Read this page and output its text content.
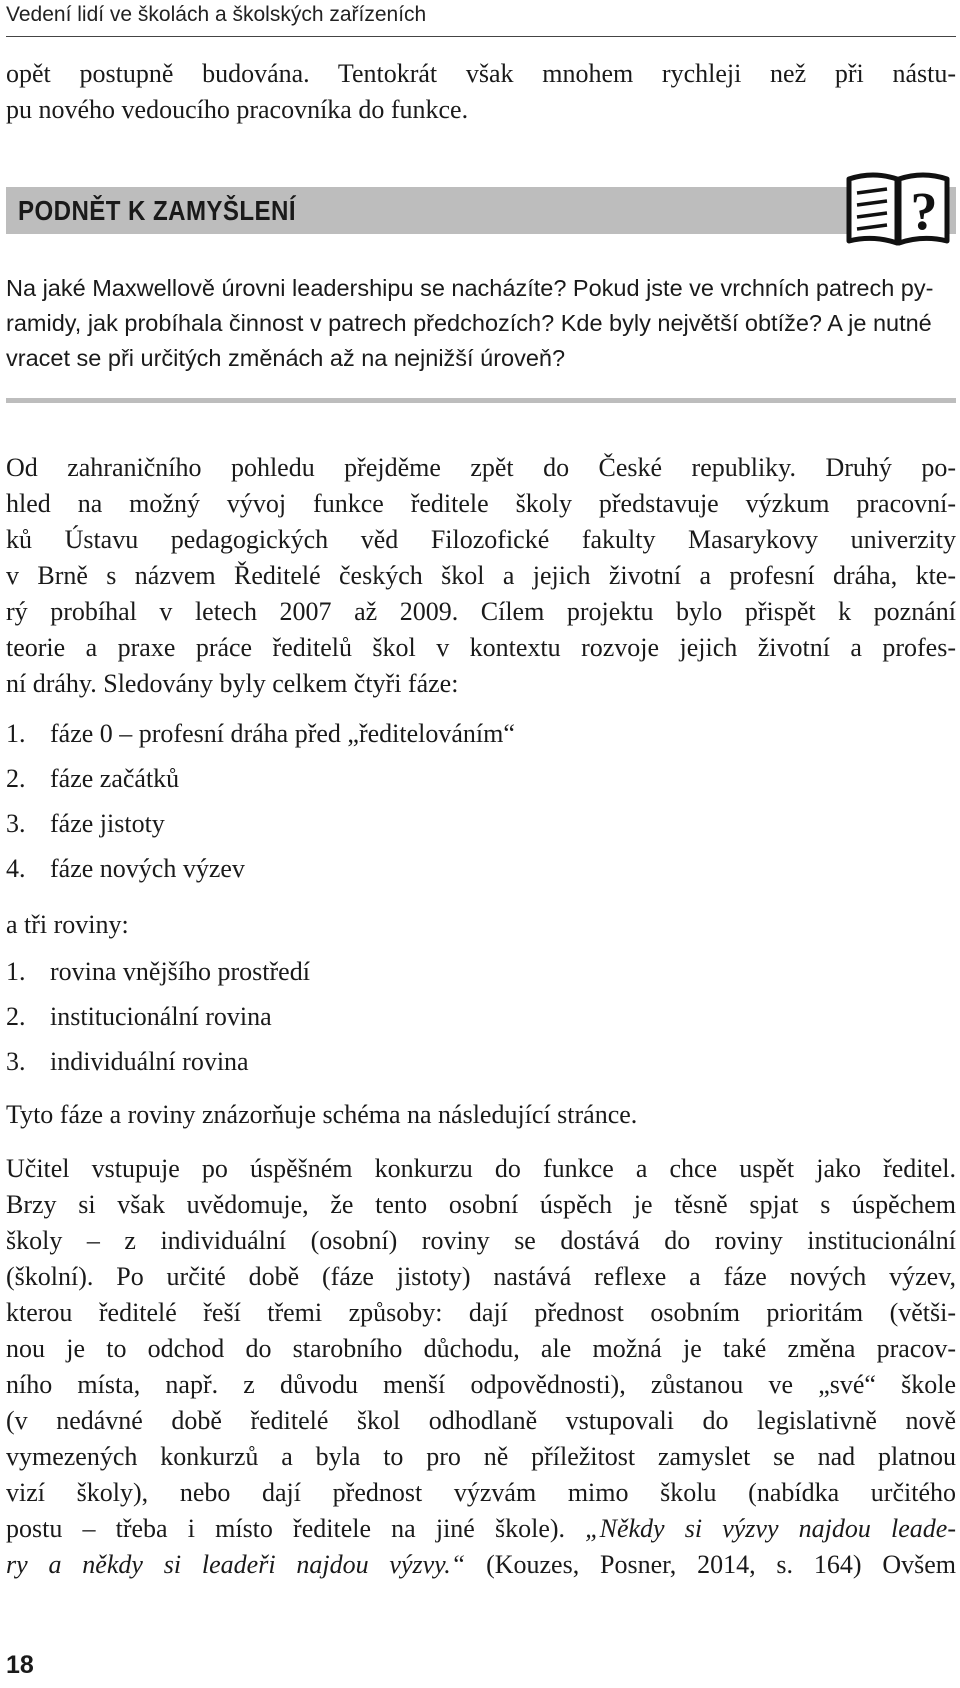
Vedení lidí ve školách a školských zařízeních
opět postupně budována. Tentokrát však mnohem rychleji než při nástu-
pu nového vedoucího pracovníka do funkce.
PODNĚT K ZAMYŠLENÍ	?
Na jaké Maxwellově úrovni leadershipu se nacházíte? Pokud jste ve vrchních patrech py-
ramidy, jak probíhala činnost v patrech předchozích? Kde byly největší obtíže? A je nutné
vracet se při určitých změnách až na nejnižší úroveň?
Od zahraničního pohledu přejděme zpět do České republiky. Druhý po-
hled na možný vývoj funkce ředitele školy představuje výzkum pracovní-
ků Ústavu pedagogických věd Filozofické fakulty Masarykovy univerzity
v Brně s názvem Ředitelé českých škol a jejich životní a profesní dráha, kte-
rý probíhal v letech 2007 až 2009. Cílem projektu bylo přispět k poznání
teorie a praxe práce ředitelů škol v kontextu rozvoje jejich životní a profes-
ní dráhy. Sledovány byly celkem čtyři fáze:
1. fáze 0 – profesní dráha před „ředitelováním“
2. fáze začátků
3. fáze jistoty
4. fáze nových výzev
a tři roviny:
1. rovina vnějšího prostředí
2. institucionální rovina
3. individuální rovina
Tyto fáze a roviny znázorňuje schéma na následující stránce.
Učitel vstupuje po úspěšném konkurzu do funkce a chce uspět jako ředitel.
Brzy si však uvědomuje, že tento osobní úspěch je těsně spjat s úspěchem
školy – z individuální (osobní) roviny se dostává do roviny institucionální
(školní). Po určité době (fáze jistoty) nastává reflexe a fáze nových výzev,
kterou ředitelé řeší třemi způsoby: dají přednost osobním prioritám (větši-
nou je to odchod do starobního důchodu, ale možná je také změna pracov-
ního místa, např. z důvodu menší odpovědnosti), zůstanou ve „své“ škole
(v nedávné době ředitelé škol odhodlaně vstupovali do legislativně nově
vymezených konkurzů a byla to pro ně příležitost zamyslet se nad platnou
vizí školy), nebo dají přednost výzvám mimo školu (nabídka určitého
postu – třeba i místo ředitele na jiné škole). „Někdy si výzvy najdou leade-
ry a někdy si leadeři najdou výzvy.“ (Kouzes, Posner, 2014, s. 164) Ovšem
18
